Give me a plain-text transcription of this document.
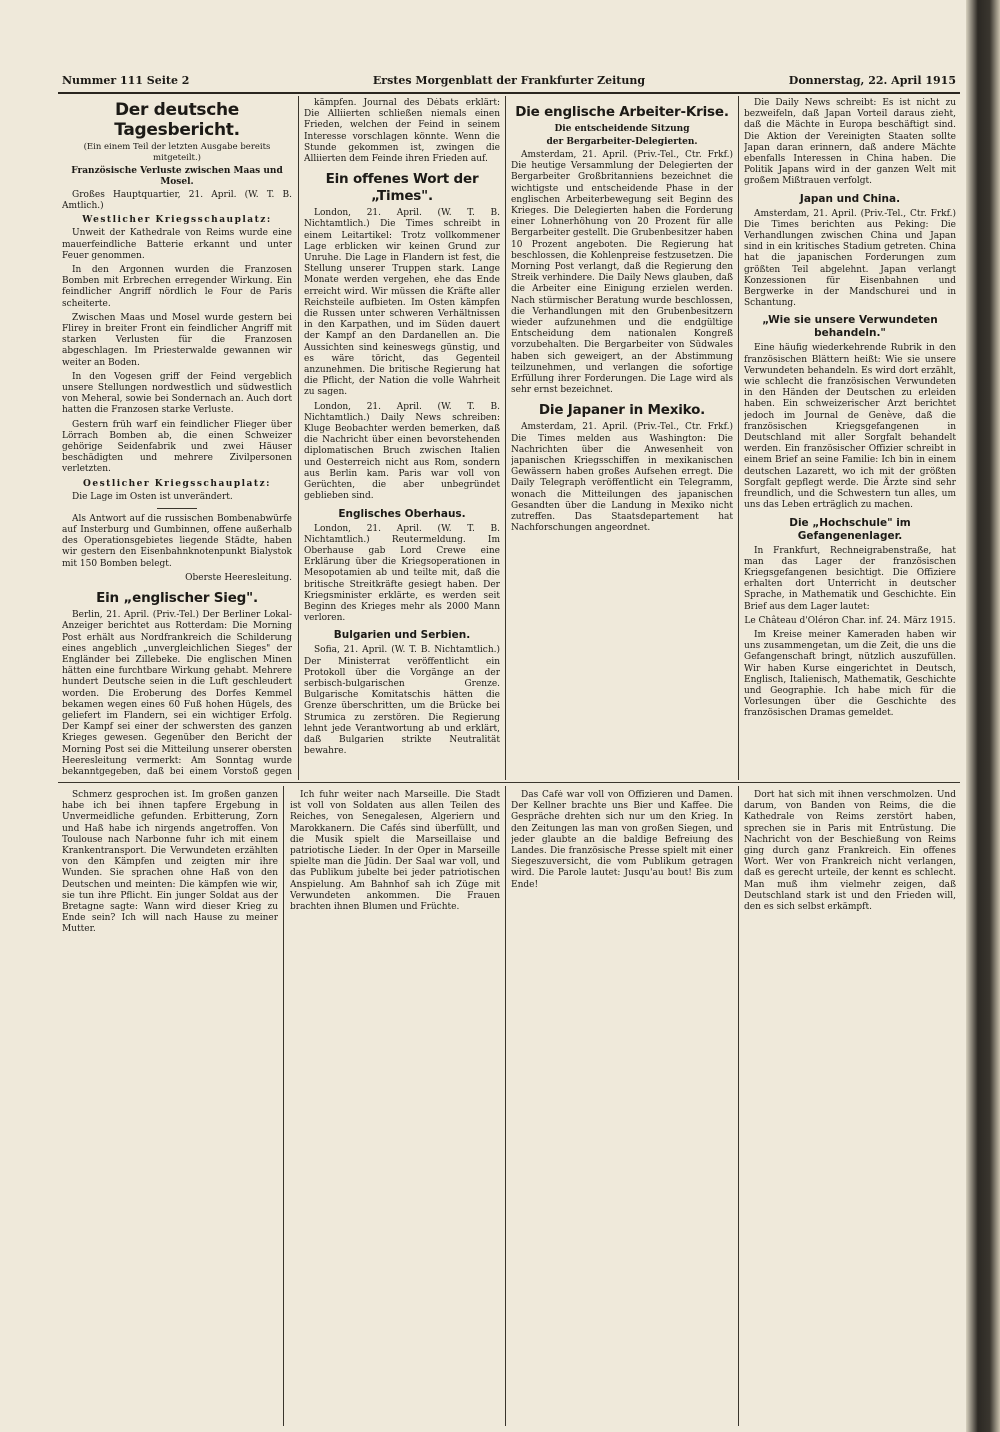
Nummer 111 Seite 2	Erstes Morgenblatt der Frankfurter Zeitung	Donnerstag, 22. April 1915
Der deutsche Tagesbericht.
(Ein einem Teil der letzten Ausgabe bereits mitgeteilt.)
Französische Verluste zwischen Maas und Mosel.

Großes Hauptquartier, 21. April. (W. T. B. Amtlich.)

Westlicher Kriegsschauplatz:

Unweit der Kathedrale von Reims wurde eine mauerfeindliche Batterie erkannt und unter Feuer genommen.

In den Argonnen wurden die Franzosen Bomben mit Erbrechen erregender Wirkung. Ein feindlicher Angriff nördlich le Four de Paris scheiterte.

Zwischen Maas und Mosel wurde gestern bei Flirey in breiter Front ein feindlicher Angriff mit starken Verlusten für die Franzosen abgeschlagen. Im Priesterwalde gewannen wir weiter an Boden.

In den Vogesen griff der Feind vergeblich unsere Stellungen nordwestlich und südwestlich von Meheral, sowie bei Sondernach an. Auch dort hatten die Franzosen starke Verluste.

Gestern früh warf ein feindlicher Flieger über Lörrach Bomben ab, die einen Schweizer gehörige Seidenfabrik und zwei Häuser beschädigten und mehrere Zivilpersonen verletzten.

Oestlicher Kriegsschauplatz:

Die Lage im Osten ist unverändert.

Als Antwort auf die russischen Bombenabwürfe auf Insterburg und Gumbinnen, offene außerhalb des Operationsgebietes liegende Städte, haben wir gestern den Eisenbahnknotenpunkt Bialystok mit 150 Bomben belegt.

Oberste Heeresleitung.

Ein „englischer Sieg".

Berlin, 21. April. (Priv.-Tel.) Der Berliner Lokal-Anzeiger berichtet aus Rotterdam: Die Morning Post erhält aus Nordfrankreich die Schilderung eines angeblich „unvergleichlichen Sieges" der Engländer bei Zillebeke. Die englischen Minen hätten eine furchtbare Wirkung gehabt. Mehrere hundert Deutsche seien in die Luft geschleudert worden. Die Eroberung des Dorfes Kemmel bekamen wegen eines 60 Fuß hohen Hügels, des geliefert im Flandern, sei ein wichtiger Erfolg. Der Kampf sei einer der schwersten des ganzen Krieges gewesen. Gegenüber den Bericht der Morning Post sei die Mitteilung unserer obersten Heeresleitung vermerkt: Am Sonntag wurde bekanntgegeben, daß bei einem Vorstoß gegen

kämpfen. Journal des Débats erklärt: Die Alliierten schließen niemals einen Frieden, welchen der Feind in seinem Interesse vorschlagen könnte. Wenn die Stunde gekommen ist, zwingen die Alliierten dem Feinde ihren Frieden auf.

Ein offenes Wort der „Times".

London, 21. April. (W. T. B. Nichtamtlich.) Die Times schreibt in einem Leitartikel: Trotz vollkommener Lage erblicken wir keinen Grund zur Unruhe. Die Lage in Flandern ist fest, die Stellung unserer Truppen stark. Lange Monate werden vergehen, ehe das Ende erreicht wird. Wir müssen die Kräfte aller Reichsteile aufbieten. Im Osten kämpfen die Russen unter schweren Verhältnissen in den Karpathen, und im Süden dauert der Kampf an den Dardanellen an. Die Aussichten sind keineswegs günstig, und es wäre töricht, das Gegenteil anzunehmen. Die britische Regierung hat die Pflicht, der Nation die volle Wahrheit zu sagen.

London, 21. April. (W. T. B. Nichtamtlich.) Daily News schreiben: Kluge Beobachter werden bemerken, daß die Nachricht über einen bevorstehenden diplomatischen Bruch zwischen Italien und Oesterreich nicht aus Rom, sondern aus Berlin kam. Paris war voll von Gerüchten, die aber unbegründet geblieben sind.

Englisches Oberhaus.

London, 21. April. (W. T. B. Nichtamtlich.) Reutermeldung. Im Oberhause gab Lord Crewe eine Erklärung über die Kriegsoperationen in Mesopotamien ab und teilte mit, daß die britische Streitkräfte gesiegt haben. Der Kriegsminister erklärte, es werden seit Beginn des Krieges mehr als 2000 Mann verloren.

Bulgarien und Serbien.

Sofia, 21. April. (W. T. B. Nichtamtlich.) Der Ministerrat veröffentlicht ein Protokoll über die Vorgänge an der serbisch-bulgarischen Grenze. Bulgarische Komitatschis hätten die Grenze überschritten, um die Brücke bei Strumica zu zerstören. Die Regierung lehnt jede Verantwortung ab und erklärt, daß Bulgarien strikte Neutralität bewahre.

Die englische Arbeiter-Krise.
Die entscheidende Sitzung
der Bergarbeiter-Delegierten.

Amsterdam, 21. April. (Priv.-Tel., Ctr. Frkf.) Die heutige Versammlung der Delegierten der Bergarbeiter Großbritanniens bezeichnet die wichtigste und entscheidende Phase in der englischen Arbeiterbewegung seit Beginn des Krieges. Die Delegierten haben die Forderung einer Lohnerhöhung von 20 Prozent für alle Bergarbeiter gestellt. Die Grubenbesitzer haben 10 Prozent angeboten. Die Regierung hat beschlossen, die Kohlenpreise festzusetzen. Die Morning Post verlangt, daß die Regierung den Streik verhindere. Die Daily News glauben, daß die Arbeiter eine Einigung erzielen werden. Nach stürmischer Beratung wurde beschlossen, die Verhandlungen mit den Grubenbesitzern wieder aufzunehmen und die endgültige Entscheidung dem nationalen Kongreß vorzubehalten. Die Bergarbeiter von Südwales haben sich geweigert, an der Abstimmung teilzunehmen, und verlangen die sofortige Erfüllung ihrer Forderungen. Die Lage wird als sehr ernst bezeichnet.

Die Japaner in Mexiko.

Amsterdam, 21. April. (Priv.-Tel., Ctr. Frkf.) Die Times melden aus Washington: Die Nachrichten über die Anwesenheit von japanischen Kriegsschiffen in mexikanischen Gewässern haben großes Aufsehen erregt. Die Daily Telegraph veröffentlicht ein Telegramm, wonach die Mitteilungen des japanischen Gesandten über die Landung in Mexiko nicht zutreffen. Das Staatsdepartement hat Nachforschungen angeordnet.

Die Daily News schreibt: Es ist nicht zu bezweifeln, daß Japan Vorteil daraus zieht, daß die Mächte in Europa beschäftigt sind. Die Aktion der Vereinigten Staaten sollte Japan daran erinnern, daß andere Mächte ebenfalls Interessen in China haben. Die Politik Japans wird in der ganzen Welt mit großem Mißtrauen verfolgt.

Japan und China.

Amsterdam, 21. April. (Priv.-Tel., Ctr. Frkf.) Die Times berichten aus Peking: Die Verhandlungen zwischen China und Japan sind in ein kritisches Stadium getreten. China hat die japanischen Forderungen zum größten Teil abgelehnt. Japan verlangt Konzessionen für Eisenbahnen und Bergwerke in der Mandschurei und in Schantung.

„Wie sie unsere Verwundeten behandeln."

Eine häufig wiederkehrende Rubrik in den französischen Blättern heißt: Wie sie unsere Verwundeten behandeln. Es wird dort erzählt, wie schlecht die französischen Verwundeten in den Händen der Deutschen zu erleiden haben. Ein schweizerischer Arzt berichtet jedoch im Journal de Genève, daß die französischen Kriegsgefangenen in Deutschland mit aller Sorgfalt behandelt werden. Ein französischer Offizier schreibt in einem Brief an seine Familie: Ich bin in einem deutschen Lazarett, wo ich mit der größten Sorgfalt gepflegt werde. Die Ärzte sind sehr freundlich, und die Schwestern tun alles, um uns das Leben erträglich zu machen.

Die „Hochschule" im Gefangenenlager.

In Frankfurt, Rechneigrabenstraße, hat man das Lager der französischen Kriegsgefangenen besichtigt. Die Offiziere erhalten dort Unterricht in deutscher Sprache, in Mathematik und Geschichte. Ein Brief aus dem Lager lautet:

Le Château d'Oléron Char. inf. 24. März 1915.

Im Kreise meiner Kameraden haben wir uns zusammengetan, um die Zeit, die uns die Gefangenschaft bringt, nützlich auszufüllen. Wir haben Kurse eingerichtet in Deutsch, Englisch, Italienisch, Mathematik, Geschichte und Geographie. Ich habe mich für die Vorlesungen über die Geschichte des französischen Dramas gemeldet.

Schmerz gesprochen ist. Im großen ganzen habe ich bei ihnen tapfere Ergebung in Unvermeidliche gefunden. Erbitterung, Zorn und Haß habe ich nirgends angetroffen. Von Toulouse nach Narbonne fuhr ich mit einem Krankentransport. Die Verwundeten erzählten von den Kämpfen und zeigten mir ihre Wunden. Sie sprachen ohne Haß von den Deutschen und meinten: Die kämpfen wie wir, sie tun ihre Pflicht. Ein junger Soldat aus der Bretagne sagte: Wann wird dieser Krieg zu Ende sein? Ich will nach Hause zu meiner Mutter.

Ich fuhr weiter nach Marseille. Die Stadt ist voll von Soldaten aus allen Teilen des Reiches, von Senegalesen, Algeriern und Marokkanern. Die Cafés sind überfüllt, und die Musik spielt die Marseillaise und patriotische Lieder. In der Oper in Marseille spielte man die Jüdin. Der Saal war voll, und das Publikum jubelte bei jeder patriotischen Anspielung. Am Bahnhof sah ich Züge mit Verwundeten ankommen. Die Frauen brachten ihnen Blumen und Früchte.

Das Café war voll von Offizieren und Damen. Der Kellner brachte uns Bier und Kaffee. Die Gespräche drehten sich nur um den Krieg. In den Zeitungen las man von großen Siegen, und jeder glaubte an die baldige Befreiung des Landes. Die französische Presse spielt mit einer Siegeszuversicht, die vom Publikum getragen wird. Die Parole lautet: Jusqu'au bout! Bis zum Ende!

Dort hat sich mit ihnen verschmolzen. Und darum, von Banden von Reims, die die Kathedrale von Reims zerstört haben, sprechen sie in Paris mit Entrüstung. Die Nachricht von der Beschießung von Reims ging durch ganz Frankreich. Ein offenes Wort. Wer von Frankreich nicht verlangen, daß es gerecht urteile, der kennt es schlecht. Man muß ihm vielmehr zeigen, daß Deutschland stark ist und den Frieden will, den es sich selbst erkämpft.
